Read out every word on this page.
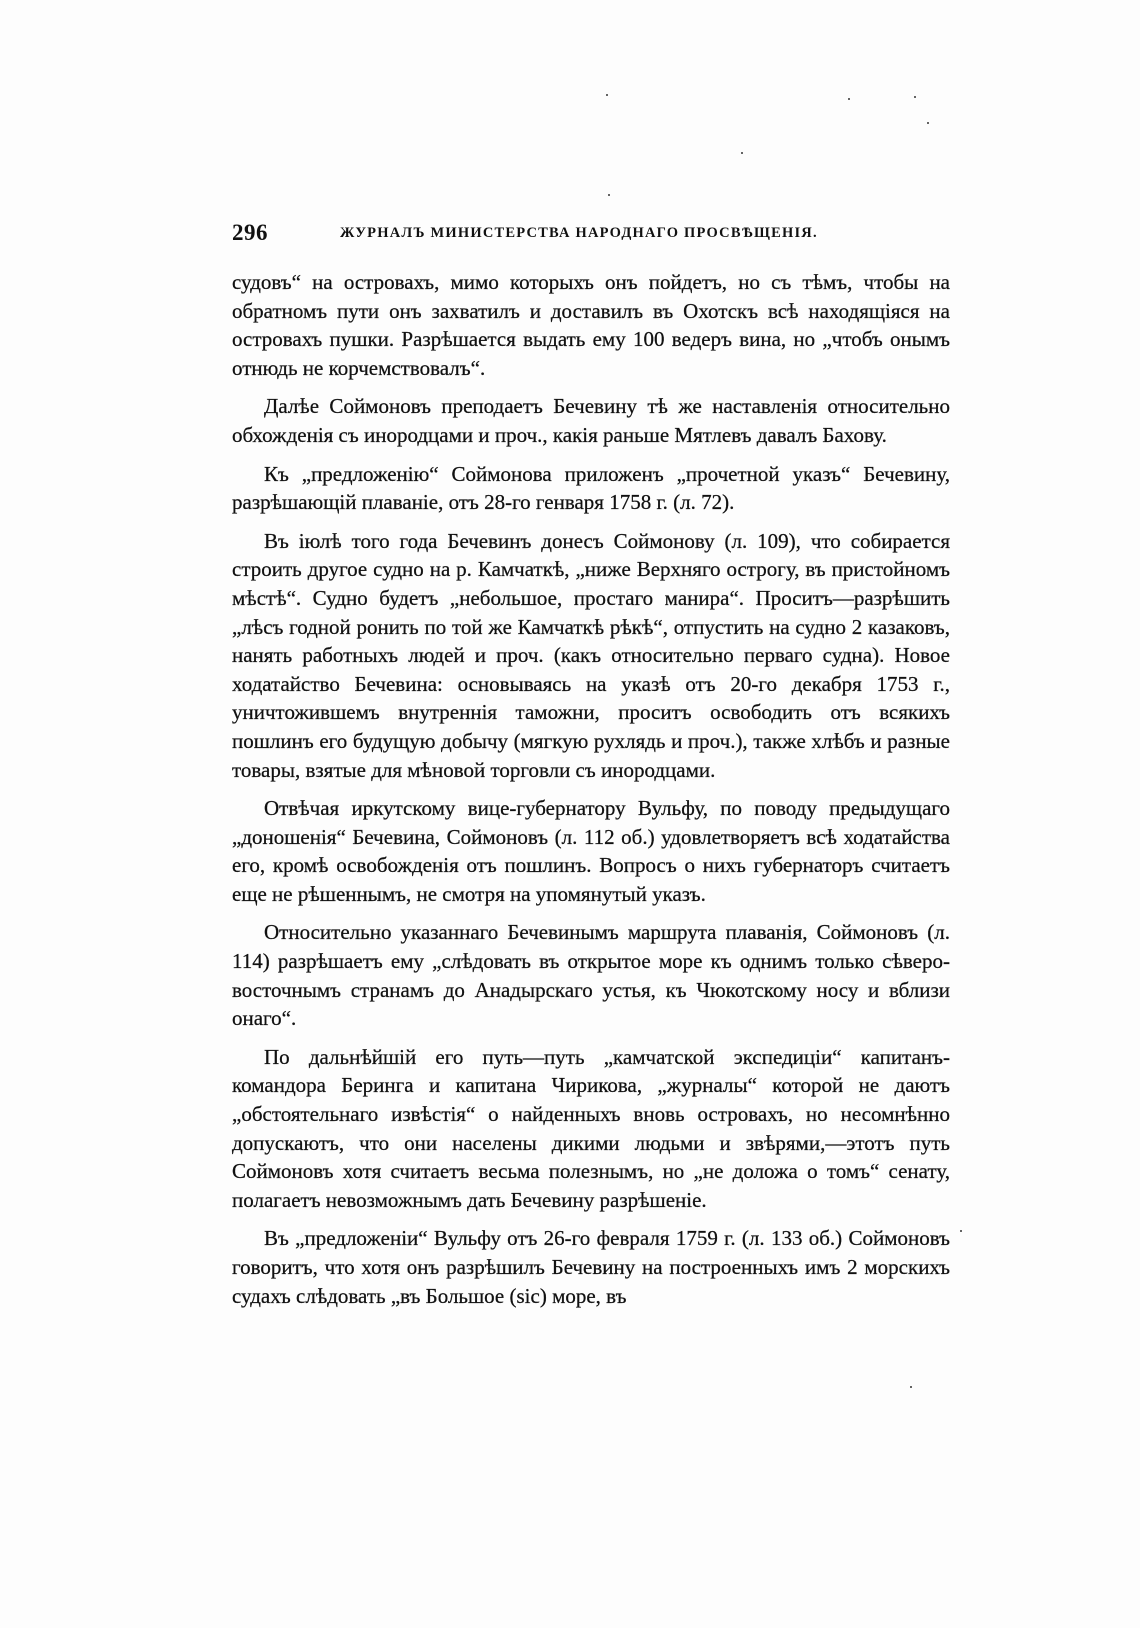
296	ЖУРНАЛЪ МИНИСТЕРСТВА НАРОДНАГО ПРОСВѢЩЕНІЯ.

судовъ“ на островахъ, мимо которыхъ онъ пойдетъ, но съ тѣмъ, чтобы на обратномъ пути онъ захватилъ и доставилъ въ Охотскъ всѣ находящіяся на островахъ пушки. Разрѣшается выдать ему 100 ведеръ вина, но „чтобъ онымъ отнюдь не корчемствовалъ“.

Далѣе Соймоновъ преподаетъ Бечевину тѣ же наставленія относительно обхожденія съ инородцами и проч., какія раньше Мятлевъ давалъ Бахову.

Къ „предложенію“ Соймонова приложенъ „прочетной указъ“ Бечевину, разрѣшающій плаваніе, отъ 28-го генваря 1758 г. (л. 72).

Въ іюлѣ того года Бечевинъ донесъ Соймонову (л. 109), что собирается строить другое судно на р. Камчаткѣ, „ниже Верхняго острогу, въ пристойномъ мѣстѣ“. Судно будетъ „небольшое, простаго манира“. Проситъ—разрѣшить „лѣсъ годной ронить по той же Камчаткѣ рѣкѣ“, отпустить на судно 2 казаковъ, нанять работныхъ людей и проч. (какъ относительно перваго судна). Новое ходатайство Бечевина: основываясь на указѣ отъ 20-го декабря 1753 г., уничтожившемъ внутреннія таможни, проситъ освободить отъ всякихъ пошлинъ его будущую добычу (мягкую рухлядь и проч.), также хлѣбъ и разные товары, взятые для мѣновой торговли съ инородцами.

Отвѣчая иркутскому вице-губернатору Вульфу, по поводу предыдущаго „доношенія“ Бечевина, Соймоновъ (л. 112 об.) удовлетворяетъ всѣ ходатайства его, кромѣ освобожденія отъ пошлинъ. Вопросъ о нихъ губернаторъ считаетъ еще не рѣшеннымъ, не смотря на упомянутый указъ.

Относительно указаннаго Бечевинымъ маршрута плаванія, Соймоновъ (л. 114) разрѣшаетъ ему „слѣдовать въ открытое море къ однимъ только сѣверо-восточнымъ странамъ до Анадырскаго устья, къ Чюкотскому носу и вблизи онаго“.

По дальнѣйшій его путь—путь „камчатской экспедиціи“ капитанъ-командора Беринга и капитана Чирикова, „журналы“ которой не даютъ „обстоятельнаго извѣстія“ о найденныхъ вновь островахъ, но несомнѣнно допускаютъ, что они населены дикими людьми и звѣрями,—этотъ путь Соймоновъ хотя считаетъ весьма полезнымъ, но „не доложа о томъ“ сенату, полагаетъ невозможнымъ дать Бечевину разрѣшеніе.

Въ „предложеніи“ Вульфу отъ 26-го февраля 1759 г. (л. 133 об.) Соймоновъ говоритъ, что хотя онъ разрѣшилъ Бечевину на построенныхъ имъ 2 морскихъ судахъ слѣдовать „въ Большое (sic) море, въ
